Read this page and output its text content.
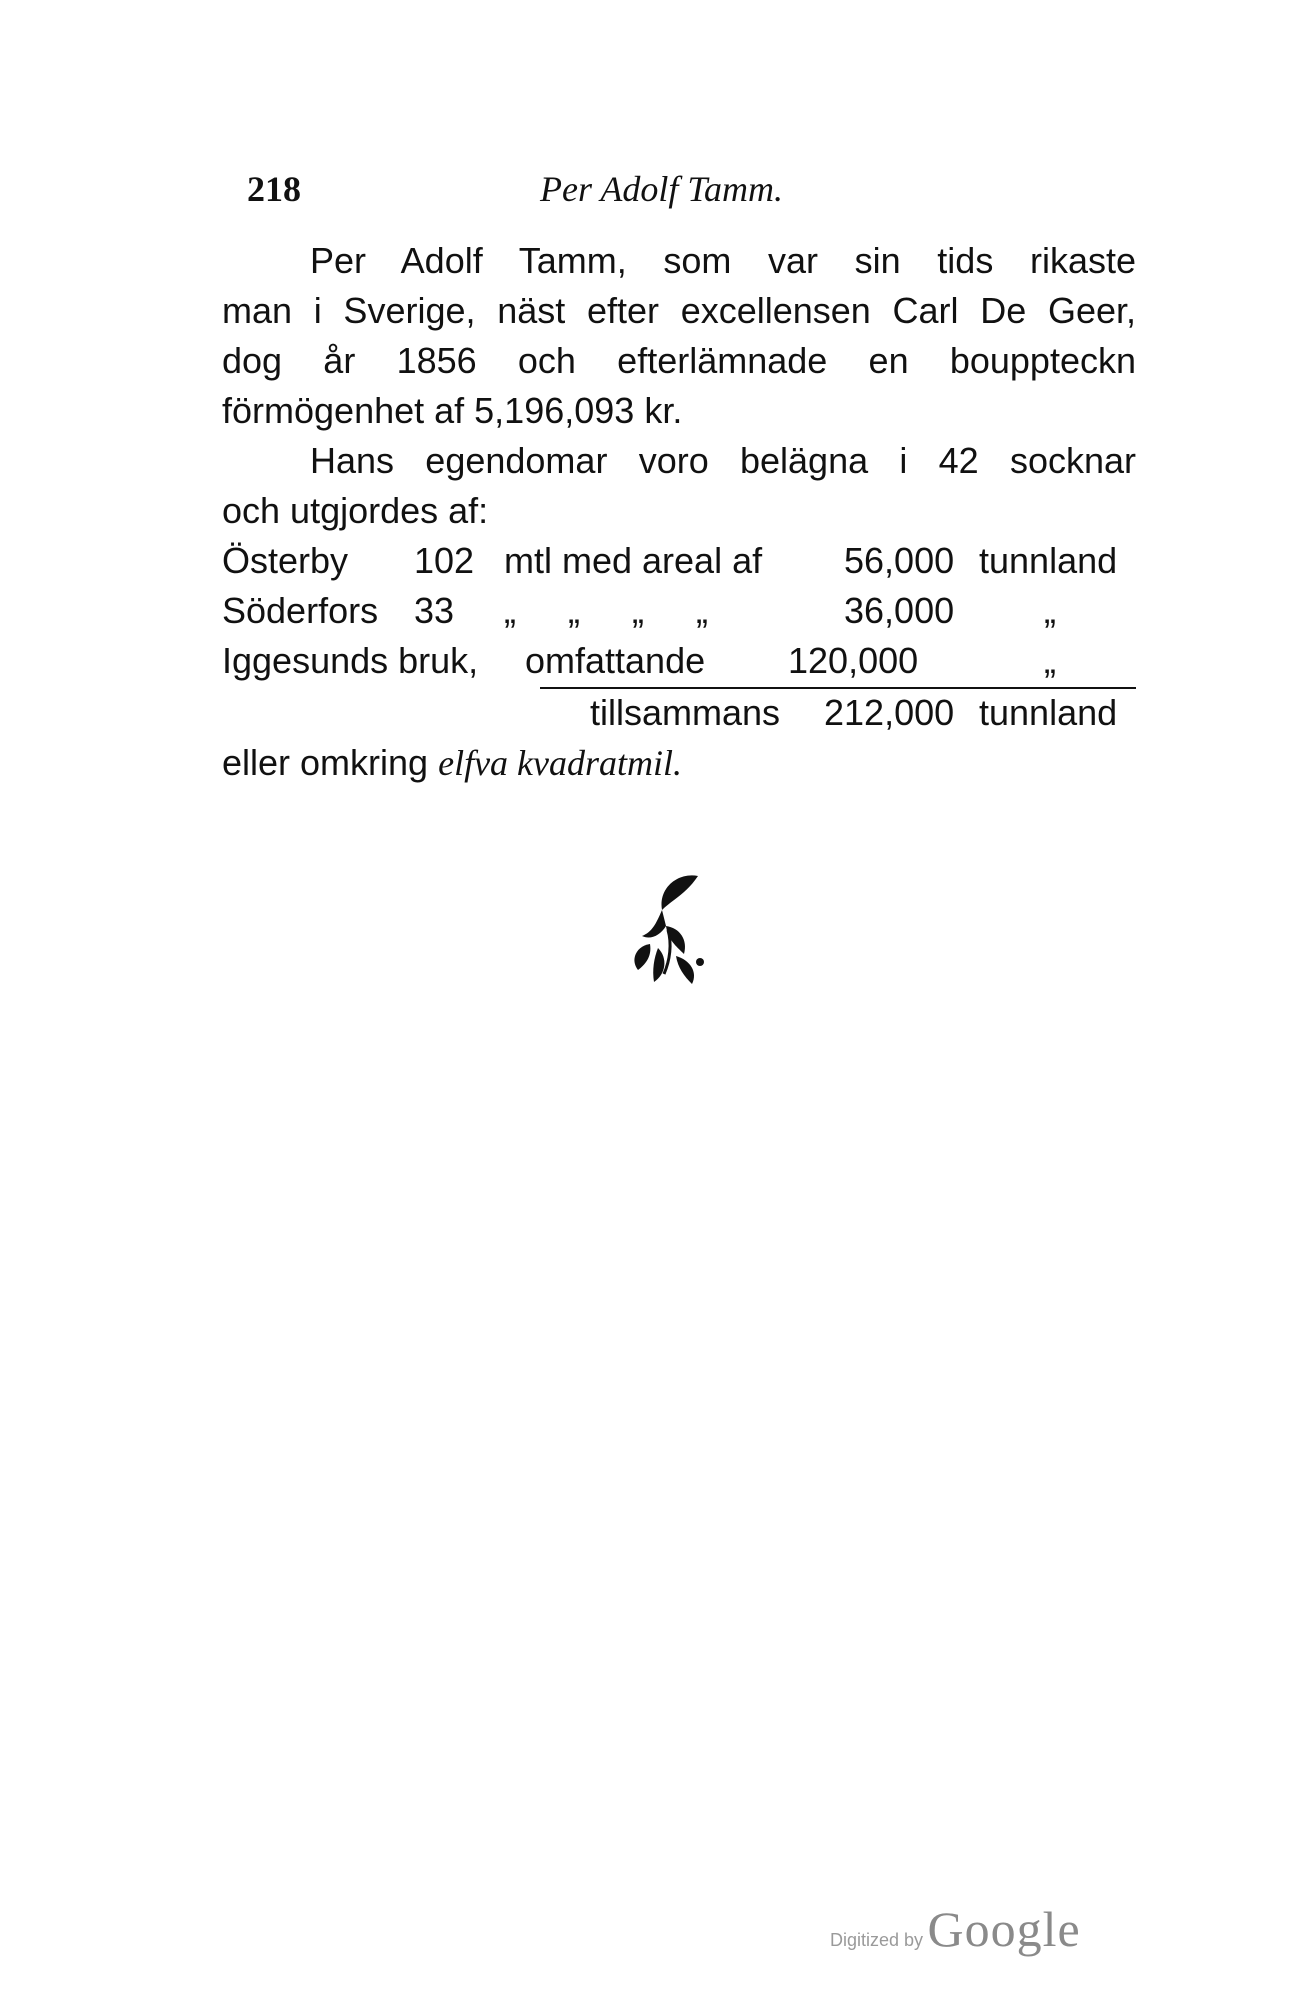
218	Per Adolf Tamm.
Per Adolf Tamm, som var sin tids rikaste
man i Sverige, näst efter excellensen Carl De Geer,
dog år 1856 och efterlämnade en bouppteckn
förmögenhet af 5,196,093 kr.
Hans egendomar voro belägna i 42 socknar
och utgjordes af:
Österby 102 mtl med areal af 56,000 tunnland
Söderfors 33 „ „ „ „	36,000 „
Iggesunds bruk, omfattande 120,000	„
tillsammans 212,000 tunnland
eller omkring elfva kvadratmil.
Digitized by Google
